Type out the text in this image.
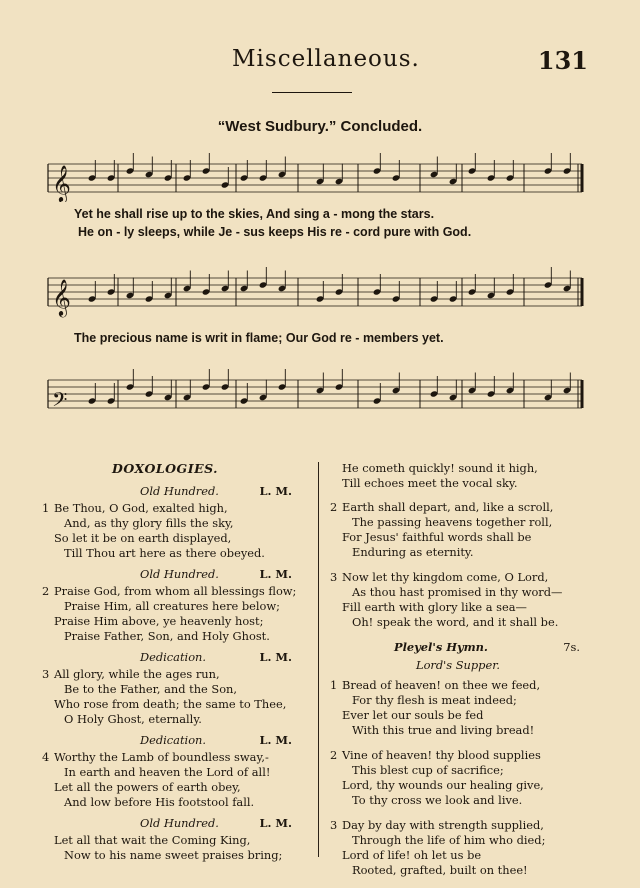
Miscellaneous.	131
“West Sudbury.” Concluded.
𝄞
Yet he shall rise up to the skies, And sing a - mong the stars.
He on - ly sleeps, while Je - sus keeps His re - cord pure with God.
𝄞
The precious name is writ in flame; Our God re - members yet.
𝄢
DOXOLOGIES.
Old Hundred.	L. M.
1 Be Thou, O God, exalted high,
And, as thy glory fills the sky,
So let it be on earth displayed,
Till Thou art here as there obeyed.
Old Hundred.	L. M.
2 Praise God, from whom all blessings flow;
Praise Him, all creatures here below;
Praise Him above, ye heavenly host;
Praise Father, Son, and Holy Ghost.
Dedication.	L. M.
3 All glory, while the ages run,
Be to the Father, and the Son,
Who rose from death; the same to Thee,
O Holy Ghost, eternally.
Dedication.	L. M.
4 Worthy the Lamb of boundless sway,-
In earth and heaven the Lord of all!
Let all the powers of earth obey,
And low before His footstool fall.
Old Hundred.	L. M.
Let all that wait the Coming King,
Now to his name sweet praises bring;
He cometh quickly! sound it high,
Till echoes meet the vocal sky.
2 Earth shall depart, and, like a scroll,
The passing heavens together roll,
For Jesus' faithful words shall be
Enduring as eternity.
3 Now let thy kingdom come, O Lord,
As thou hast promised in thy word—
Fill earth with glory like a sea—
Oh! speak the word, and it shall be.
Pleyel's Hymn.	7s.
Lord's Supper.
1 Bread of heaven! on thee we feed,
For thy flesh is meat indeed;
Ever let our souls be fed
With this true and living bread!
2 Vine of heaven! thy blood supplies
This blest cup of sacrifice;
Lord, thy wounds our healing give,
To thy cross we look and live.
3 Day by day with strength supplied,
Through the life of him who died;
Lord of life! oh let us be
Rooted, grafted, built on thee!
